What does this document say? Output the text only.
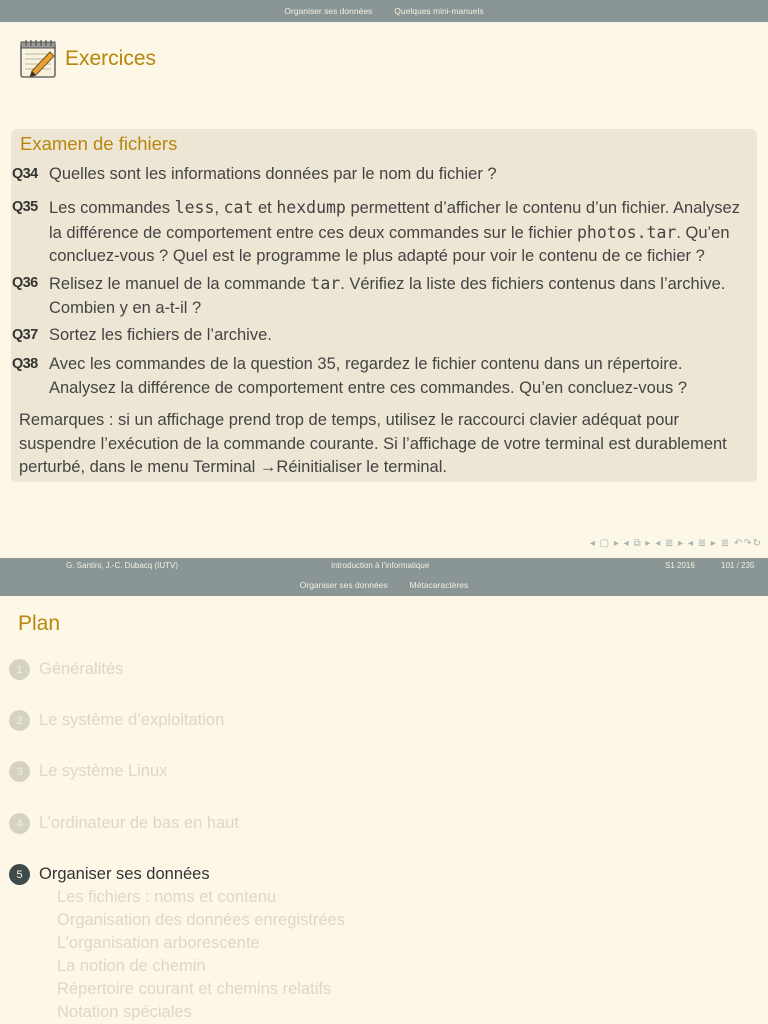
Organiser ses données	Quelques mini-manuels
Exercices
Examen de fichiers
Q34 Quelles sont les informations données par le nom du fichier ?
Q35 Les commandes less, cat et hexdump permettent d’afficher le contenu d’un fichier. Analysez la différence de comportement entre ces deux commandes sur le fichier photos.tar. Qu’en concluez-vous ? Quel est le programme le plus adapté pour voir le contenu de ce fichier ?
Q36 Relisez le manuel de la commande tar. Vérifiez la liste des fichiers contenus dans l’archive. Combien y en a-t-il ?
Q37 Sortez les fichiers de l’archive.
Q38 Avec les commandes de la question 35, regardez le fichier contenu dans un répertoire. Analysez la différence de comportement entre ces commandes. Qu’en concluez-vous ?
Remarques : si un affichage prend trop de temps, utilisez le raccourci clavier adéquat pour suspendre l’exécution de la commande courante. Si l’affichage de votre terminal est durablement perturbé, dans le menu Terminal →Réinitialiser le terminal.
◂ ▢ ▸ ◂ ⧉ ▸ ◂ ≣ ▸ ◂ ≣ ▸ ≣ ↶↷↻
G. Santini, J.-C. Dubacq (IUTV)	Introduction à l’informatique	S1 2016	101 / 235
Organiser ses données	Métacaractères
Plan
1 Généralités
2 Le système d’exploitation
3 Le système Linux
4 L’ordinateur de bas en haut
5 Organiser ses données
Les fichiers : noms et contenu
Organisation des données enregistrées
L’organisation arborescente
La notion de chemin
Répertoire courant et chemins relatifs
Notation spéciales
